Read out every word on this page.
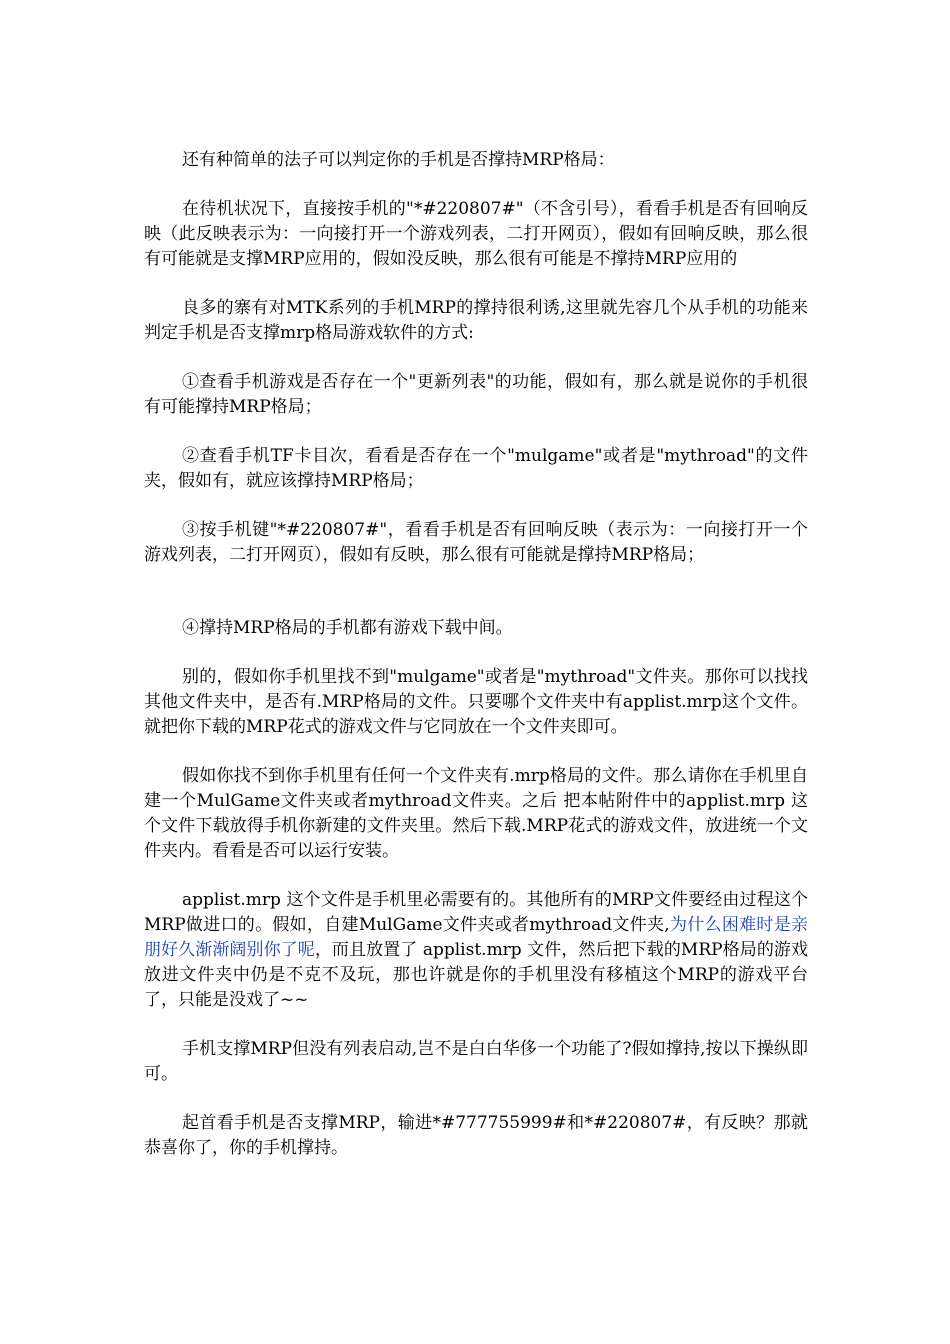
还有种简单的法子可以判定你的手机是否撑持MRP格局：

在待机状况下，直接按手机的"*#220807#"（不含引号），看看手机是否有回响反映（此反映表示为：一向接打开一个游戏列表，二打开网页），假如有回响反映，那么很有可能就是支撑MRP应用的，假如没反映，那么很有可能是不撑持MRP应用的

良多的寨有对MTK系列的手机MRP的撑持很利诱,这里就先容几个从手机的功能来判定手机是否支撑mrp格局游戏软件的方式:

①查看手机游戏是否存在一个"更新列表"的功能，假如有，那么就是说你的手机很有可能撑持MRP格局；

②查看手机TF卡目次，看看是否存在一个"mulgame"或者是"mythroad"的文件夹，假如有，就应该撑持MRP格局；

③按手机键"*#220807#"，看看手机是否有回响反映（表示为：一向接打开一个游戏列表，二打开网页），假如有反映，那么很有可能就是撑持MRP格局；

④撑持MRP格局的手机都有游戏下载中间。

别的，假如你手机里找不到"mulgame"或者是"mythroad"文件夹。那你可以找找其他文件夹中，是否有.MRP格局的文件。只要哪个文件夹中有applist.mrp这个文件。就把你下载的MRP花式的游戏文件与它同放在一个文件夹即可。

假如你找不到你手机里有任何一个文件夹有.mrp格局的文件。那么请你在手机里自建一个MulGame文件夹或者mythroad文件夹。之后 把本帖附件中的applist.mrp 这个文件下载放得手机你新建的文件夹里。然后下载.MRP花式的游戏文件，放进统一个文件夹内。看看是否可以运行安装。

applist.mrp 这个文件是手机里必需要有的。其他所有的MRP文件要经由过程这个MRP做进口的。假如，自建MulGame文件夹或者mythroad文件夹,为什么困难时是亲朋好久渐渐阔别你了呢，而且放置了 applist.mrp 文件，然后把下载的MRP格局的游戏放进文件夹中仍是不克不及玩，那也许就是你的手机里没有移植这个MRP的游戏平台了，只能是没戏了~~

手机支撑MRP但没有列表启动,岂不是白白华侈一个功能了?假如撑持,按以下操纵即可。

起首看手机是否支撑MRP，输进*#777755999#和*#220807#，有反映？那就恭喜你了，你的手机撑持。
